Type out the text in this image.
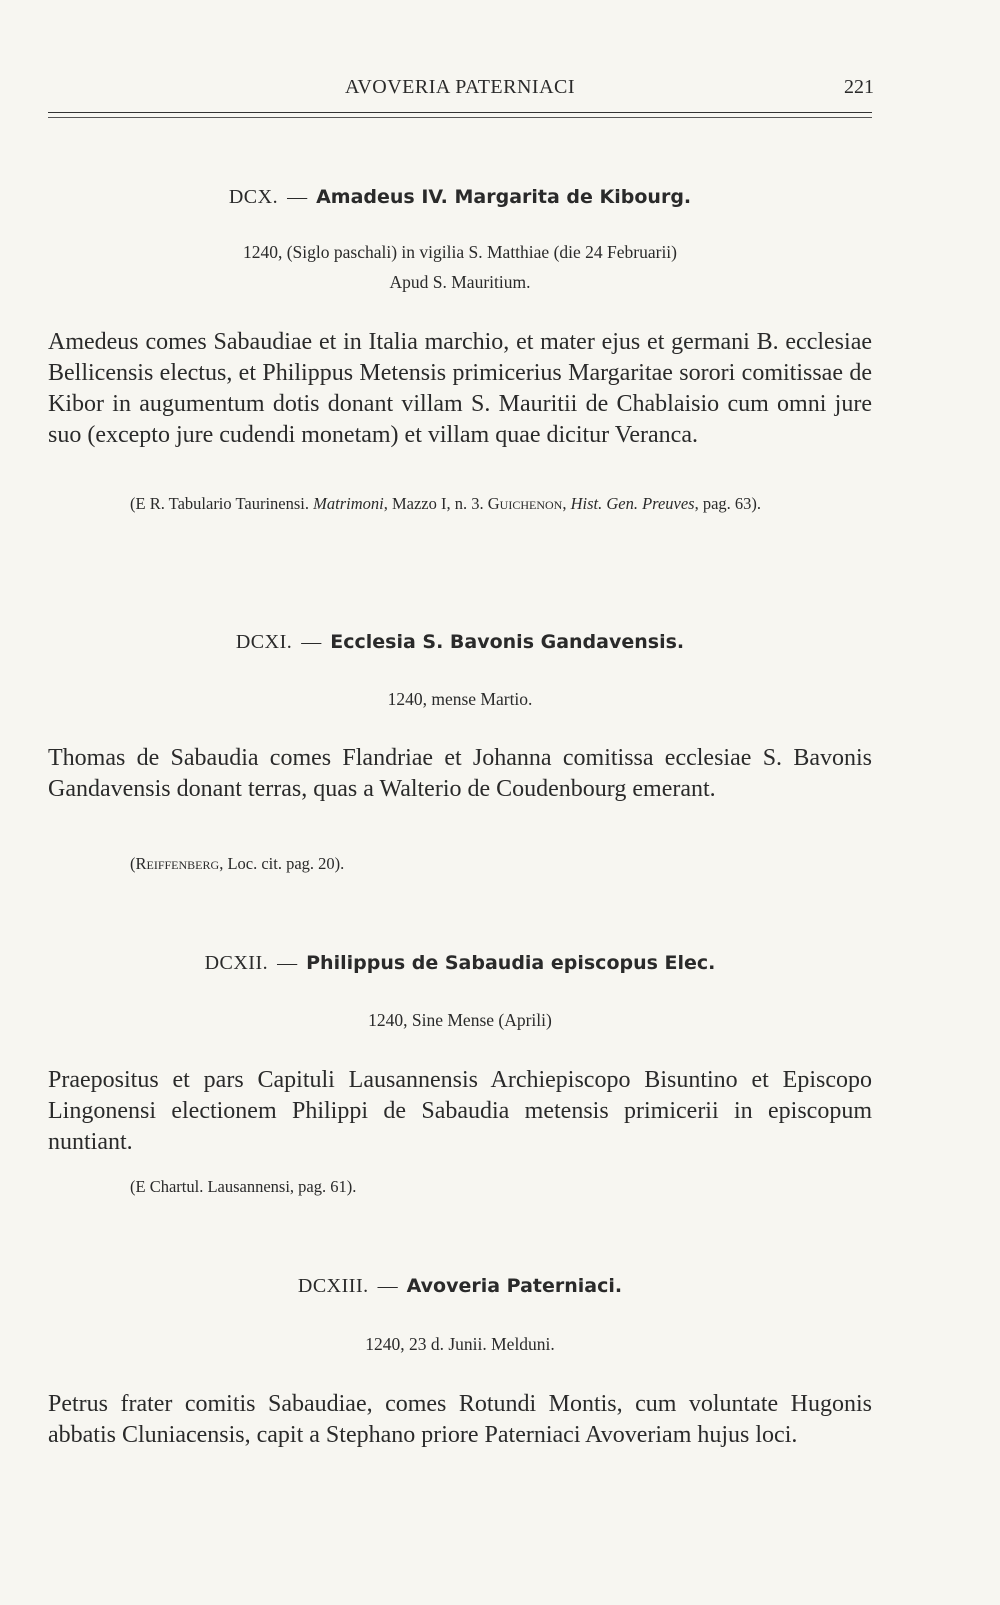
AVOVERIA PATERNIACI	221
DCX. — Amadeus IV. Margarita de Kibourg.
1240, (Siglo paschali) in vigilia S. Matthiae (die 24 Februarii)
Apud S. Mauritium.

Amedeus comes Sabaudiae et in Italia marchio, et mater ejus et germani B. ecclesiae Bellicensis electus, et Philippus Metensis primicerius Margaritae sorori comitissae de Kibor in augumentum dotis donant villam S. Mauritii de Chablaisio cum omni jure suo (excepto jure cudendi monetam) et villam quae dicitur Veranca.

(E R. Tabulario Taurinensi. Matrimoni, Mazzo I, n. 3. Guichenon, Hist. Gen. Preuves, pag. 63).
DCXI. — Ecclesia S. Bavonis Gandavensis.
1240, mense Martio.

Thomas de Sabaudia comes Flandriae et Johanna comitissa ecclesiae S. Bavonis Gandavensis donant terras, quas a Walterio de Coudenbourg emerant.

(Reiffenberg, Loc. cit. pag. 20).
DCXII. — Philippus de Sabaudia episcopus Elec.
1240, Sine Mense (Aprili)

Praepositus et pars Capituli Lausannensis Archiepiscopo Bisuntino et Episcopo Lingonensi electionem Philippi de Sabaudia metensis primicerii in episcopum nuntiant.

(E Chartul. Lausannensi, pag. 61).
DCXIII. — Avoveria Paterniaci.
1240, 23 d. Junii. Melduni.

Petrus frater comitis Sabaudiae, comes Rotundi Montis, cum voluntate Hugonis abbatis Cluniacensis, capit a Stephano priore Paterniaci Avoveriam hujus loci.
